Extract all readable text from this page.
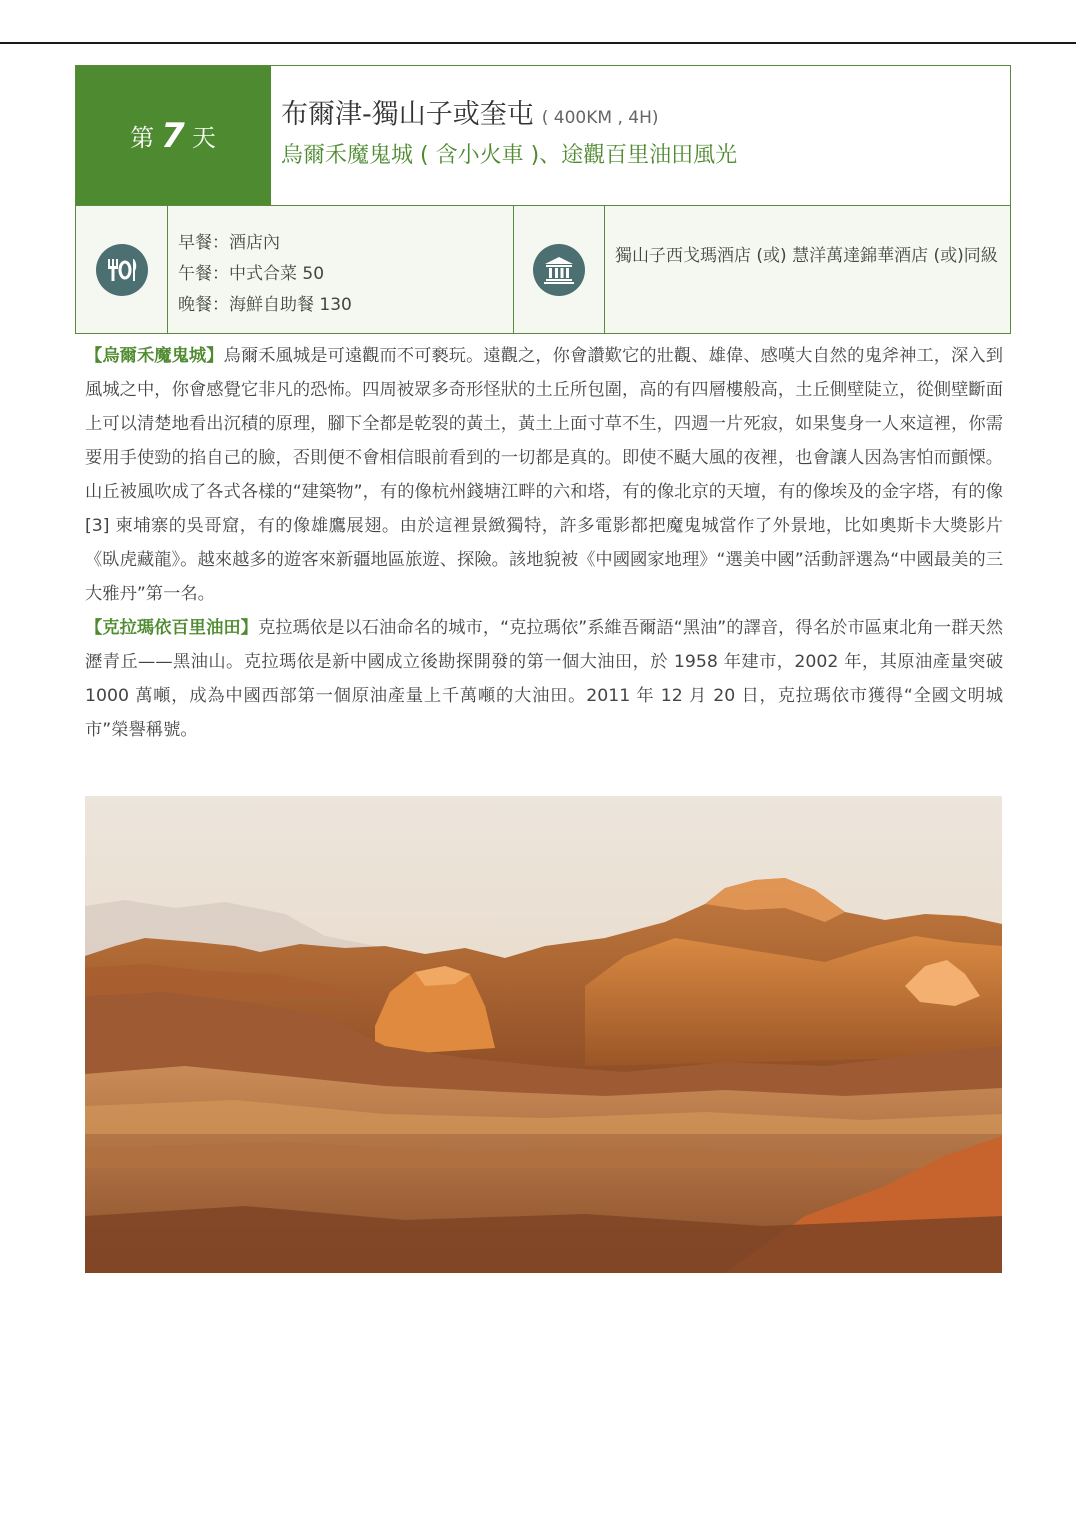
第 7 天
布爾津-獨山子或奎屯 ( 400KM , 4H)
烏爾禾魔鬼城 ( 含小火車 )、途觀百里油田風光
早餐：酒店內
午餐：中式合菜 50
晚餐：海鮮自助餐 130
獨山子西戈瑪酒店 (或) 慧洋萬達錦華酒店 (或)同級

【烏爾禾魔鬼城】烏爾禾風城是可遠觀而不可褻玩。遠觀之，你會讚歎它的壯觀、雄偉、感嘆大自然的鬼斧神工，深入到風城之中，你會感覺它非凡的恐怖。四周被眾多奇形怪狀的土丘所包圍，高的有四層樓般高，土丘側壁陡立，從側壁斷面上可以清楚地看出沉積的原理，腳下全都是乾裂的黃土，黃土上面寸草不生，四週一片死寂，如果隻身一人來這裡，你需要用手使勁的掐自己的臉，否則便不會相信眼前看到的一切都是真的。即使不颳大風的夜裡，也會讓人因為害怕而顫慄。山丘被風吹成了各式各樣的“建築物”，有的像杭州錢塘江畔的六和塔，有的像北京的天壇，有的像埃及的金字塔，有的像[3] 柬埔寨的吳哥窟，有的像雄鷹展翅。由於這裡景緻獨特，許多電影都把魔鬼城當作了外景地，比如奧斯卡大獎影片《臥虎藏龍》。越來越多的遊客來新疆地區旅遊、探險。該地貌被《中國國家地理》“選美中國”活動評選為“中國最美的三大雅丹”第一名。

【克拉瑪依百里油田】克拉瑪依是以石油命名的城市，“克拉瑪依”系維吾爾語“黑油”的譯音，得名於市區東北角一群天然瀝青丘——黑油山。克拉瑪依是新中國成立後勘探開發的第一個大油田，於 1958 年建市，2002 年，其原油產量突破 1000 萬噸，成為中國西部第一個原油產量上千萬噸的大油田。2011 年 12 月 20 日，克拉瑪依市獲得“全國文明城市”榮譽稱號。
